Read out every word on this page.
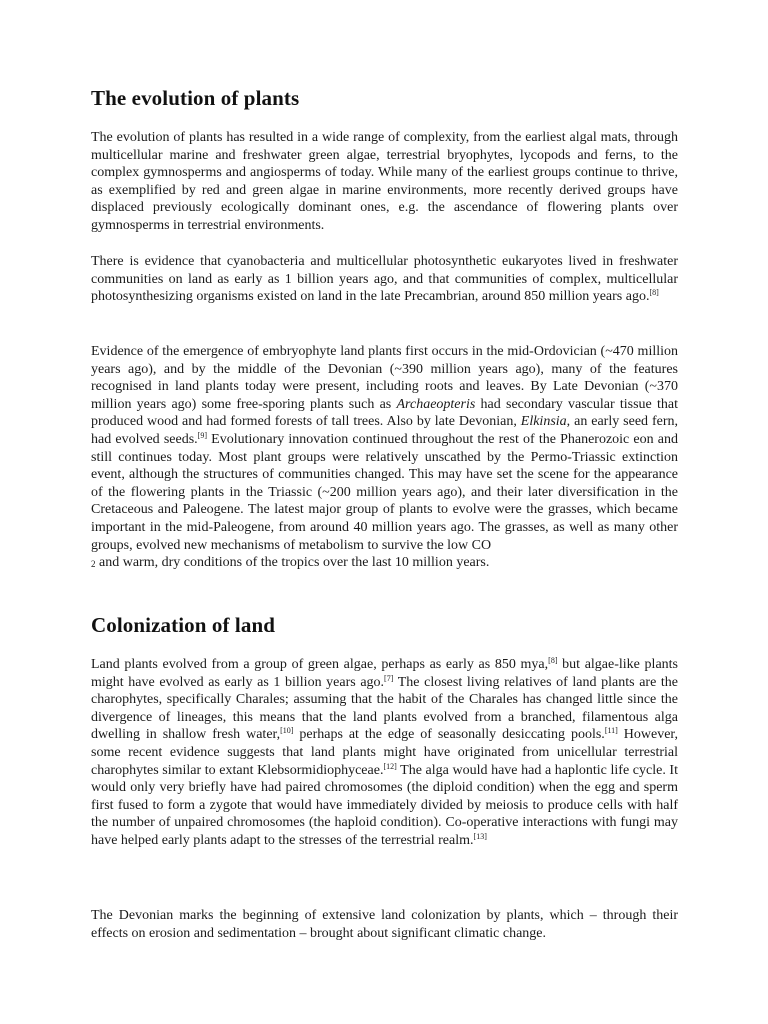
The evolution of plants

The evolution of plants has resulted in a wide range of complexity, from the earliest algal mats, through multicellular marine and freshwater green algae, terrestrial bryophytes, lycopods and ferns, to the complex gymnosperms and angiosperms of today. While many of the earliest groups continue to thrive, as exemplified by red and green algae in marine environments, more recently derived groups have displaced previously ecologically dominant ones, e.g. the ascendance of flowering plants over gymnosperms in terrestrial environments.

There is evidence that cyanobacteria and multicellular photosynthetic eukaryotes lived in freshwater communities on land as early as 1 billion years ago, and that communities of complex, multicellular photosynthesizing organisms existed on land in the late Precambrian, around 850 million years ago.[8]

Evidence of the emergence of embryophyte land plants first occurs in the mid-Ordovician (~470 million years ago), and by the middle of the Devonian (~390 million years ago), many of the features recognised in land plants today were present, including roots and leaves. By Late Devonian (~370 million years ago) some free-sporing plants such as Archaeopteris had secondary vascular tissue that produced wood and had formed forests of tall trees. Also by late Devonian, Elkinsia, an early seed fern, had evolved seeds.[9] Evolutionary innovation continued throughout the rest of the Phanerozoic eon and still continues today. Most plant groups were relatively unscathed by the Permo-Triassic extinction event, although the structures of communities changed. This may have set the scene for the appearance of the flowering plants in the Triassic (~200 million years ago), and their later diversification in the Cretaceous and Paleogene. The latest major group of plants to evolve were the grasses, which became important in the mid-Paleogene, from around 40 million years ago. The grasses, as well as many other groups, evolved new mechanisms of metabolism to survive the low CO
$_2$ and warm, dry conditions of the tropics over the last 10 million years.

Colonization of land

Land plants evolved from a group of green algae, perhaps as early as 850 mya,[8] but algae-like plants might have evolved as early as 1 billion years ago.[7] The closest living relatives of land plants are the charophytes, specifically Charales; assuming that the habit of the Charales has changed little since the divergence of lineages, this means that the land plants evolved from a branched, filamentous alga dwelling in shallow fresh water,[10] perhaps at the edge of seasonally desiccating pools.[11] However, some recent evidence suggests that land plants might have originated from unicellular terrestrial charophytes similar to extant Klebsormidiophyceae.[12] The alga would have had a haplontic life cycle. It would only very briefly have had paired chromosomes (the diploid condition) when the egg and sperm first fused to form a zygote that would have immediately divided by meiosis to produce cells with half the number of unpaired chromosomes (the haploid condition). Co-operative interactions with fungi may have helped early plants adapt to the stresses of the terrestrial realm.[13]

The Devonian marks the beginning of extensive land colonization by plants, which – through their effects on erosion and sedimentation – brought about significant climatic change.
